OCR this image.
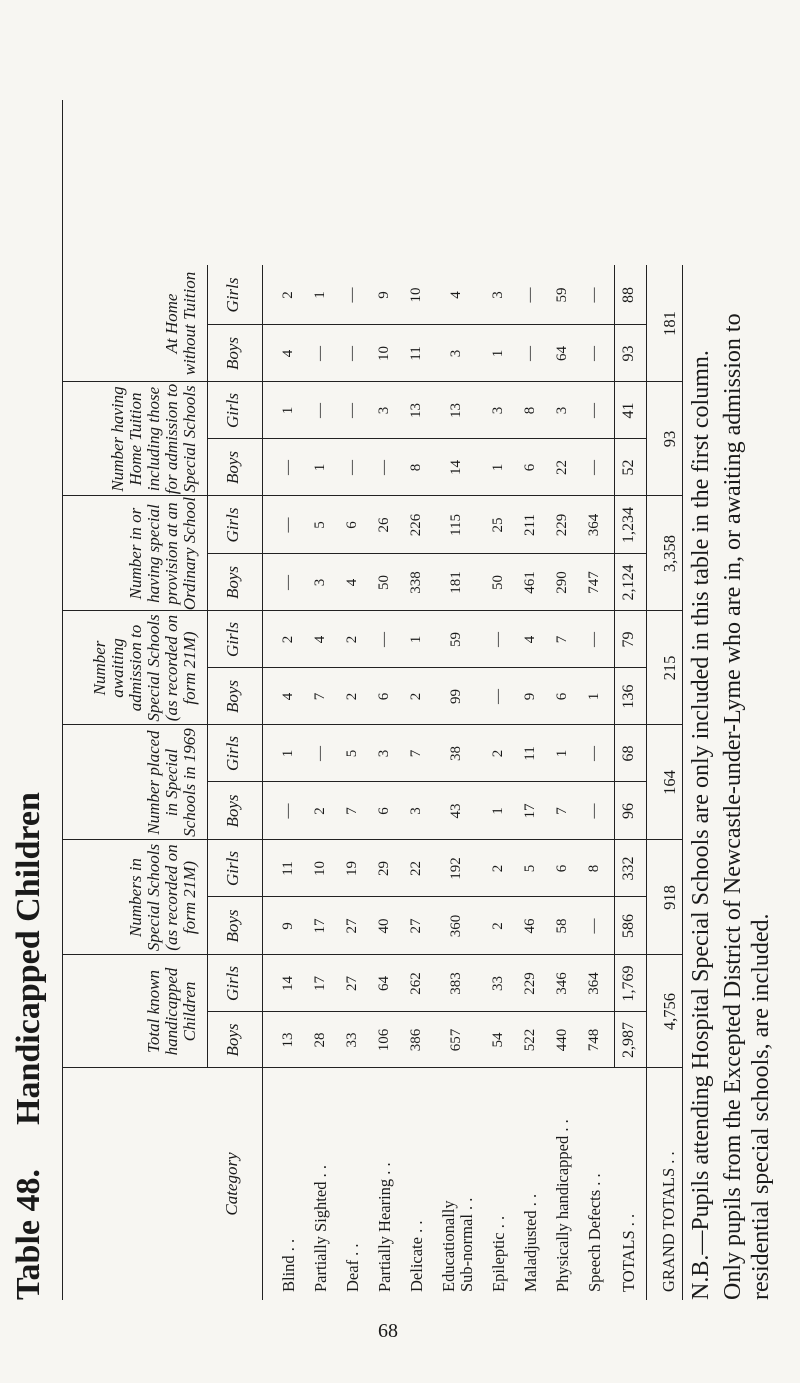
Table 48.Handicapped Children	Total known handicapped Children Boys
Girls
Numbers in Special Schools (as recorded on form 21M) Boys
Girls
Number placed in Special Schools in 1969 Boys
Girls
Number awaiting admission to Special Schools (as recorded on form 21M) Boys
Girls
Number in or having special provision at an Ordinary School Boys
Girls
Number having Home Tuition including those for admission to Special Schools Boys
Girls
At Home without Tuition Boys
Girls
Category
Blind . . Partially Sighted . . Deaf . . Partially Hearing . . Delicate . . Educationally Sub-normal . . Epileptic . . Maladjusted . . Physically handicapped . . Speech Defects . .
13
14
9
11
—
1
4
2
—
—
—
1
4
2
28
17
17
10
2
—
7
4
3
5
1
—
—
1
33
27
27
19
7
5
2
2
4
6
—
—
—
—
106
64
40
29
6
3
6
—
50
26
—
3
10
9
386
262
27
22
3
7
2
1
338
226
8
13
11
10
657
383
360
192
43
38
99
59
181
115
14
13
3
4
54
33
2
2
1
2
—
—
50
25
1
3
1
3
522
229
46
5
17
11
9
4
461
211
6
8
—
—
440
346
58
6
7
1
6
7
290
229
22
3
64
59
748
364
—
8
—
—
1
—
747
364
—
—
—
—
TOTALS . .
2,987
1,769
586
332
96
68
136
79
2,124
1,234
52
41
93
88
GRAND TOTALS . .
4,756
918
164
215
3,358
93
181
N.B.—Pupils attending Hospital Special Schools are only included in this table in the first column. Only pupils from the Excepted District of Newcastle-under-Lyme who are in, or awaiting admission to residential special schools, are included.
68
